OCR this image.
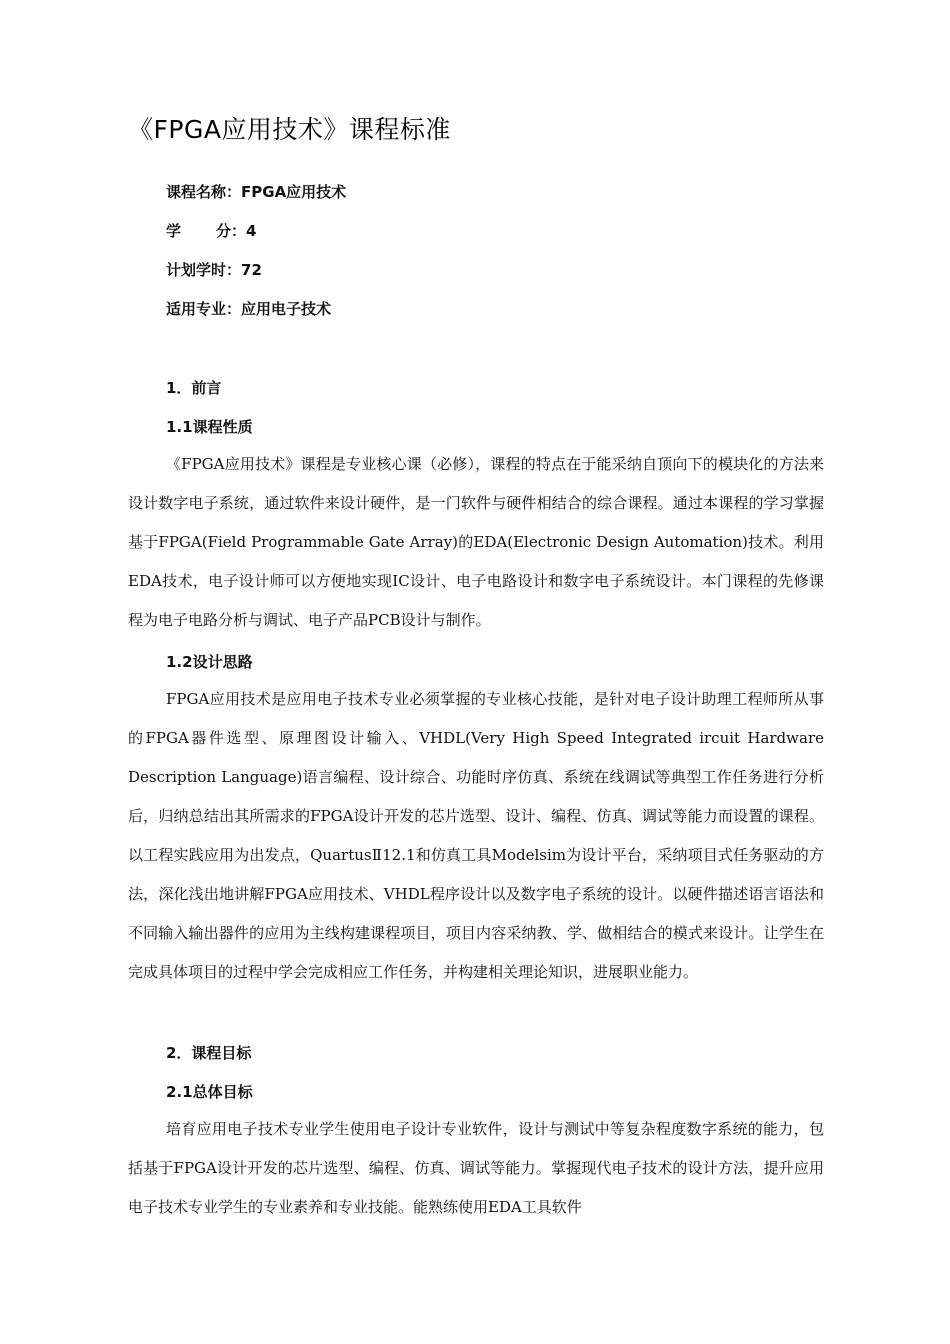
《FPGA应用技术》课程标准
课程名称：FPGA应用技术
学 分：4
计划学时：72
适用专业：应用电子技术
1．前言
1.1课程性质

《FPGA应用技术》课程是专业核心课（必修），课程的特点在于能采纳自顶向下的模块化的方法来设计数字电子系统，通过软件来设计硬件，是一门软件与硬件相结合的综合课程。通过本课程的学习掌握基于FPGA(Field Programmable Gate Array)的EDA(Electronic Design Automation)技术。利用EDA技术，电子设计师可以方便地实现IC设计、电子电路设计和数字电子系统设计。本门课程的先修课程为电子电路分析与调试、电子产品PCB设计与制作。

1.2设计思路

FPGA应用技术是应用电子技术专业必须掌握的专业核心技能，是针对电子设计助理工程师所从事的FPGA器件选型、原理图设计输入、VHDL(Very High Speed Integrated ircuit Hardware Description Language)语言编程、设计综合、功能时序仿真、系统在线调试等典型工作任务进行分析后，归纳总结出其所需求的FPGA设计开发的芯片选型、设计、编程、仿真、调试等能力而设置的课程。以工程实践应用为出发点，QuartusⅡ12.1和仿真工具Modelsim为设计平台，采纳项目式任务驱动的方法，深化浅出地讲解FPGA应用技术、VHDL程序设计以及数字电子系统的设计。以硬件描述语言语法和不同输入输出器件的应用为主线构建课程项目，项目内容采纳教、学、做相结合的模式来设计。让学生在完成具体项目的过程中学会完成相应工作任务，并构建相关理论知识，进展职业能力。

2．课程目标
2.1总体目标

培育应用电子技术专业学生使用电子设计专业软件，设计与测试中等复杂程度数字系统的能力，包括基于FPGA设计开发的芯片选型、编程、仿真、调试等能力。掌握现代电子技术的设计方法，提升应用电子技术专业学生的专业素养和专业技能。能熟练使用EDA工具软件
